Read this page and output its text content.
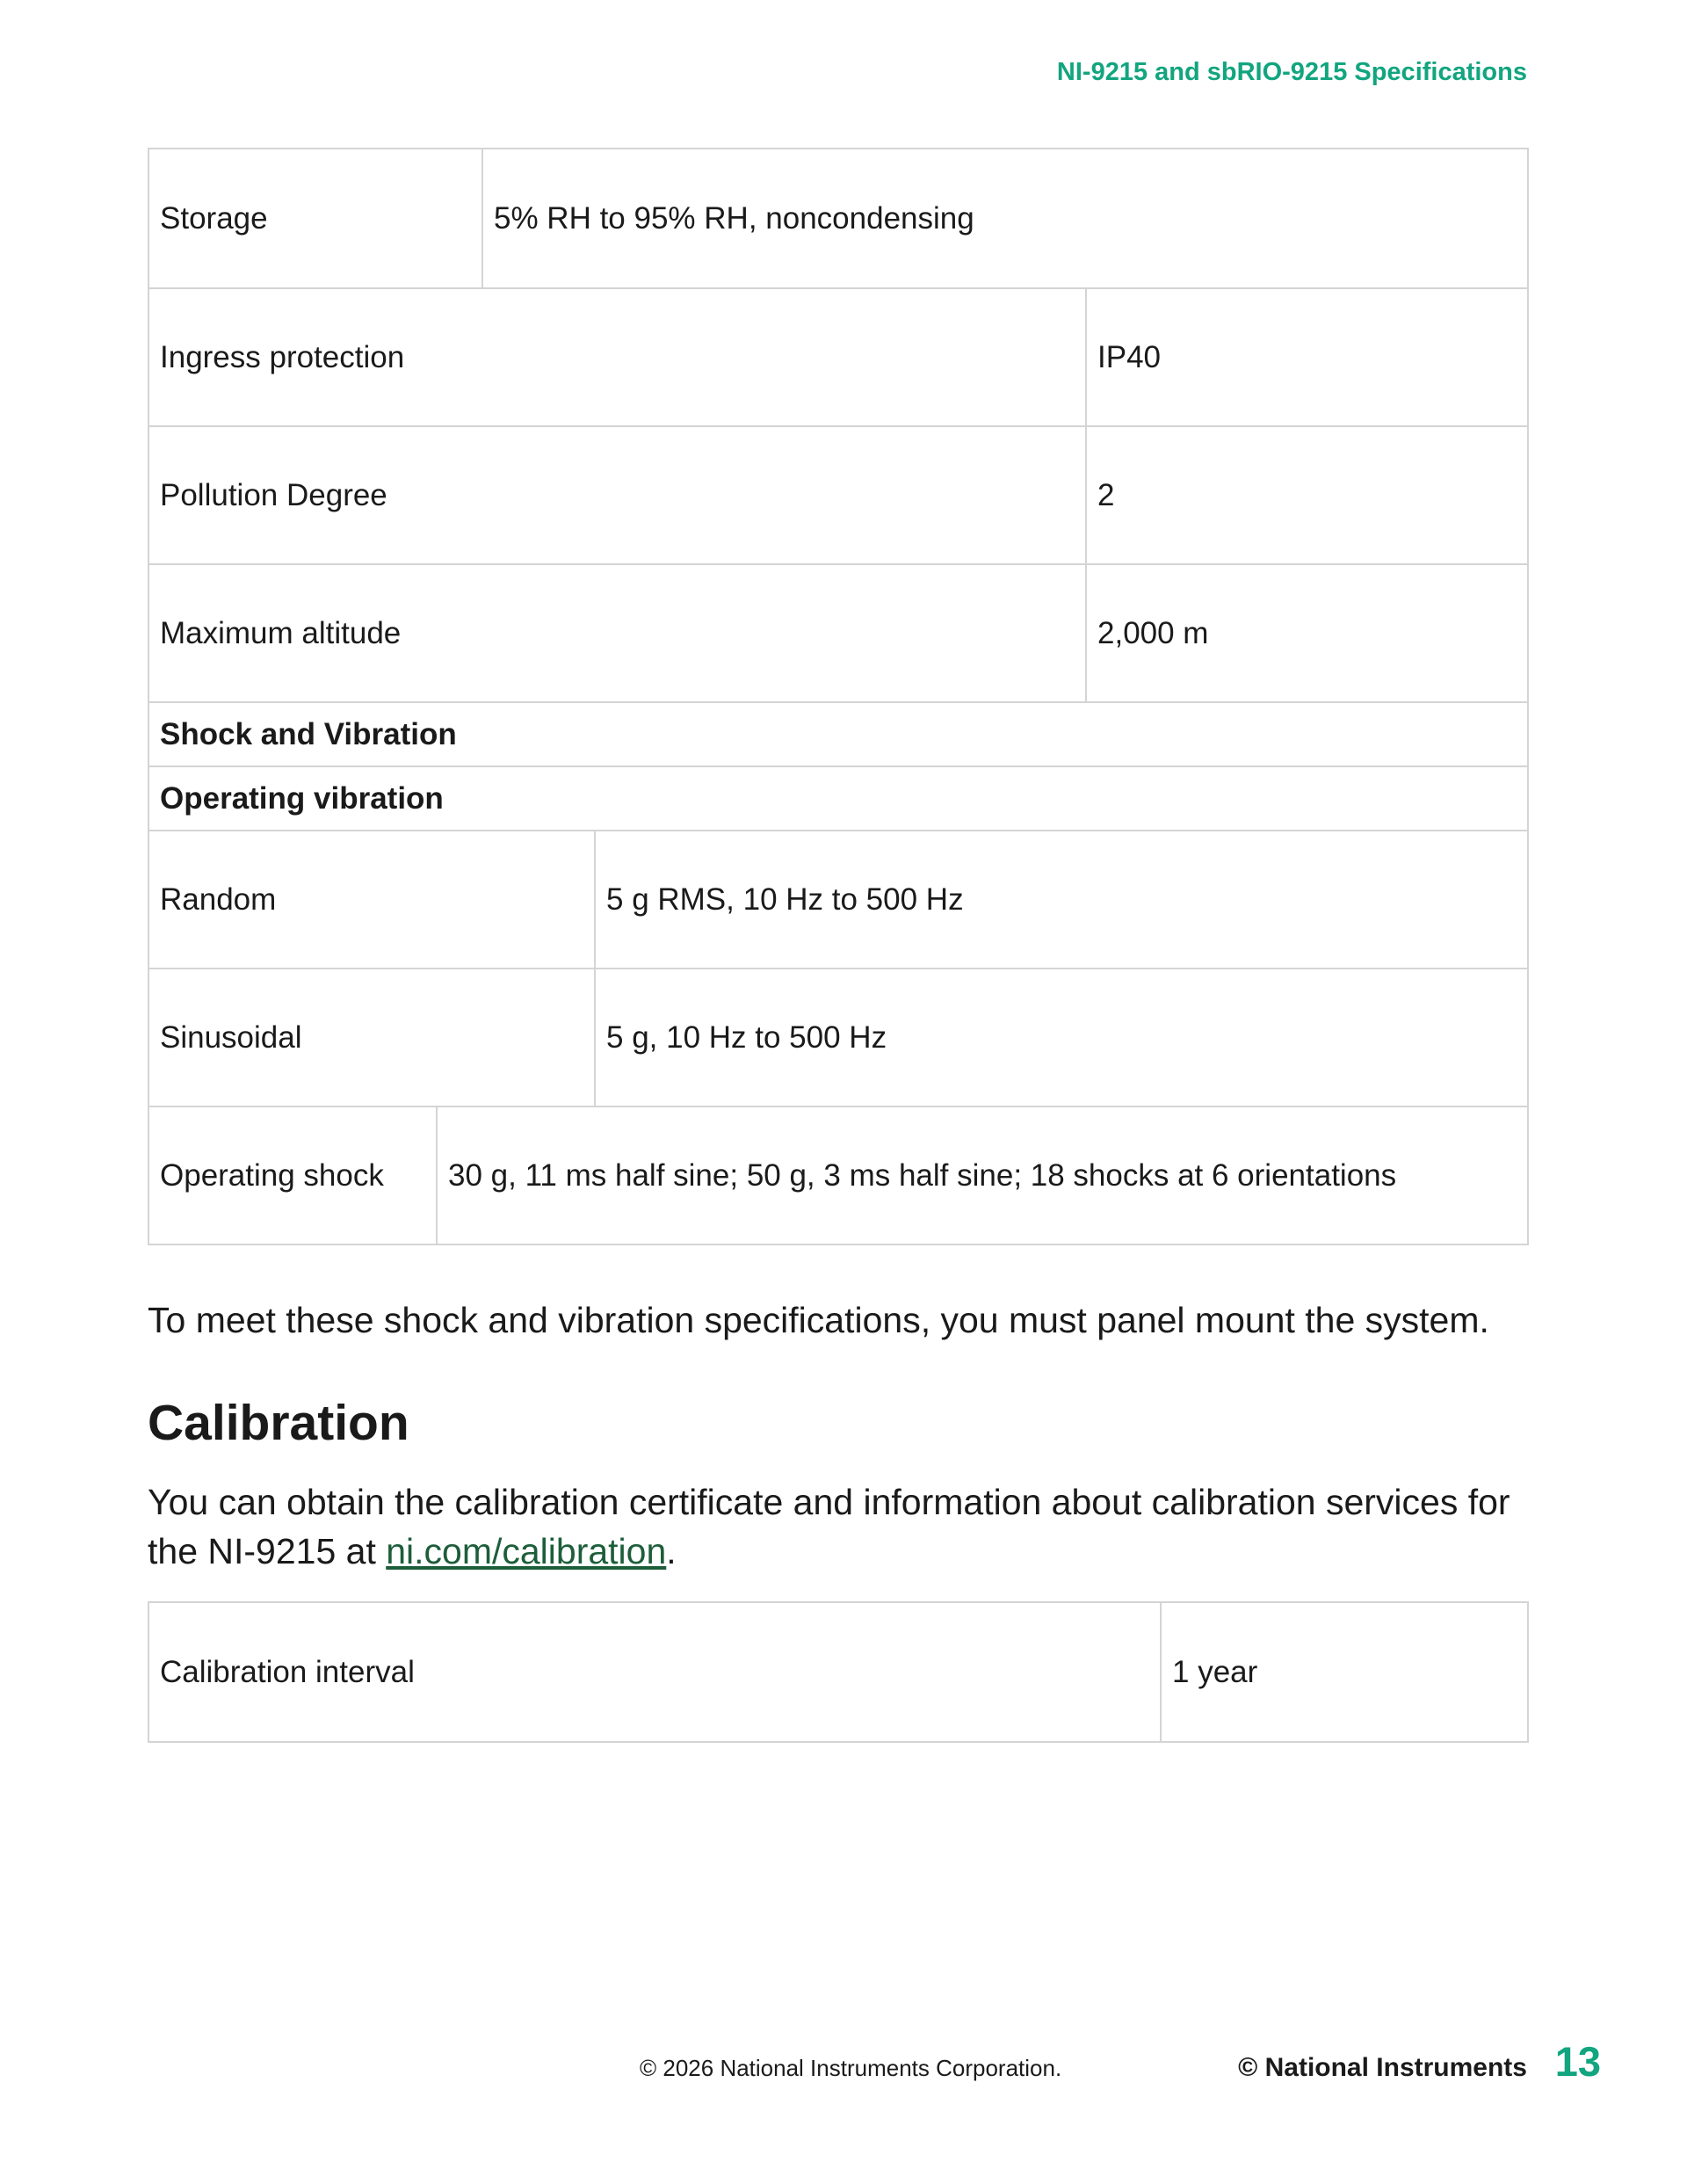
NI-9215 and sbRIO-9215 Specifications
Storage	5% RH to 95% RH, noncondensing
Ingress protection	IP40
Pollution Degree	2
Maximum altitude	2,000 m
Shock and Vibration
Operating vibration
Random	5 g RMS, 10 Hz to 500 Hz
Sinusoidal	5 g, 10 Hz to 500 Hz
Operating shock	30 g, 11 ms half sine; 50 g, 3 ms half sine; 18 shocks at 6 orientations

To meet these shock and vibration specifications, you must panel mount the system.

Calibration

You can obtain the calibration certificate and information about calibration services for the NI-9215 at ni.com/calibration.

Calibration interval	1 year
© 2026 National Instruments Corporation.	© National Instruments 13
